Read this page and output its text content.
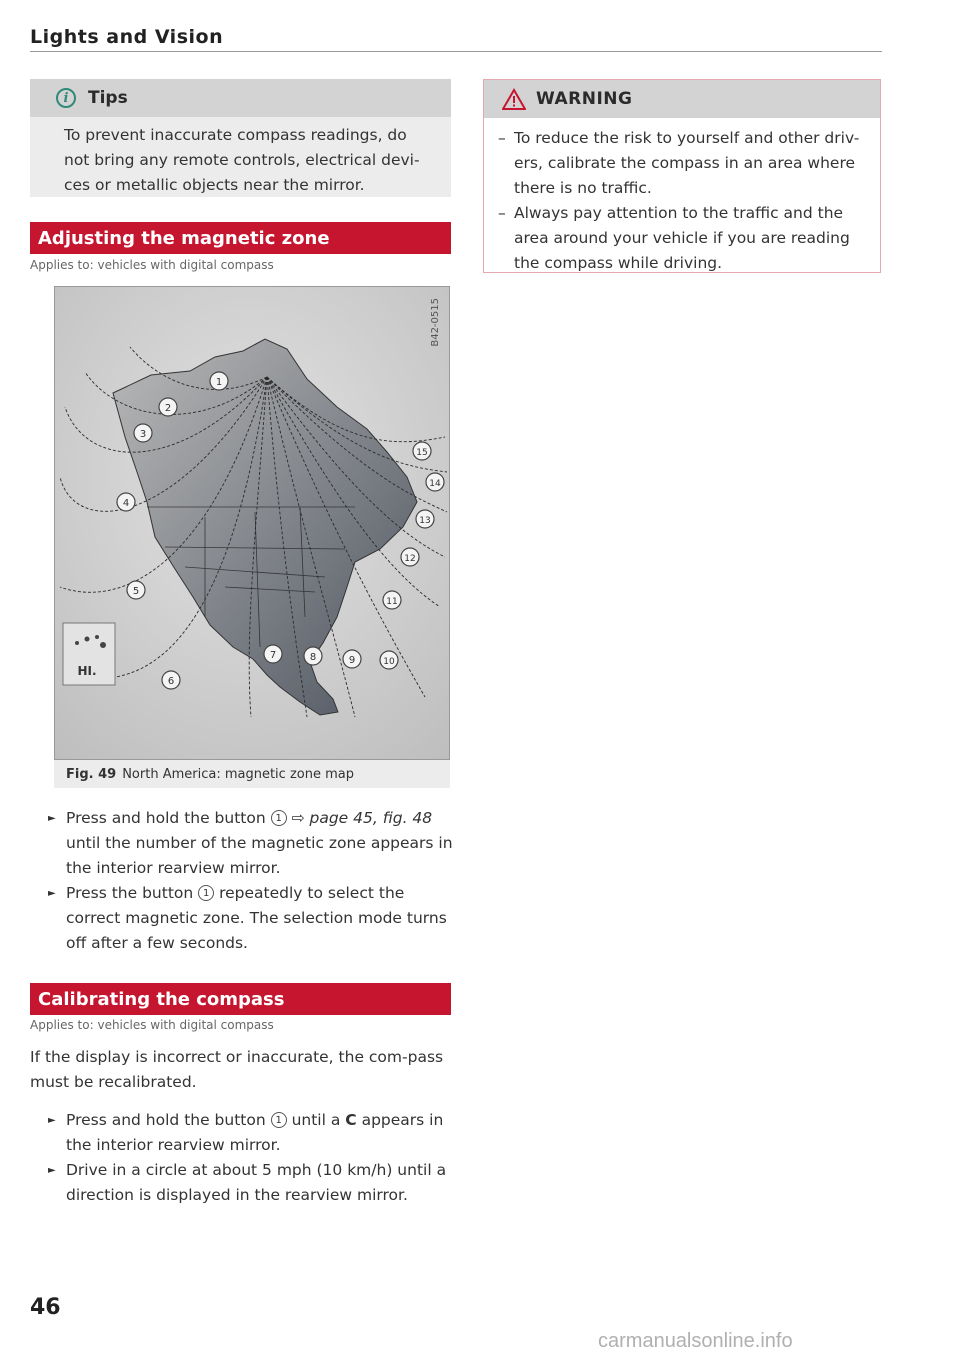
Lights and Vision
i	Tips
To prevent inaccurate compass readings, do not bring any remote controls, electrical devi-ces or metallic objects near the mirror.
WARNING
– To reduce the risk to yourself and other driv-ers, calibrate the compass in an area where there is no traffic.
– Always pay attention to the traffic and the area around your vehicle if you are reading the compass while driving.
Adjusting the magnetic zone
Applies to: vehicles with digital compass
1
2
3
4
5
6
7	8	9	10
11
12
13
14
15
HI.
B42-0515
Fig. 49 North America: magnetic zone map

► Press and hold the button 1 ⇨ page 45, fig. 48 until the number of the magnetic zone appears in the interior rearview mirror.

► Press the button 1 repeatedly to select the correct magnetic zone. The selection mode turns off after a few seconds.

Calibrating the compass
Applies to: vehicles with digital compass
If the display is incorrect or inaccurate, the com-pass must be recalibrated.

► Press and hold the button 1 until a C appears in the interior rearview mirror.

► Drive in a circle at about 5 mph (10 km/h) until a direction is displayed in the rearview mirror.

46
carmanualsonline.info
